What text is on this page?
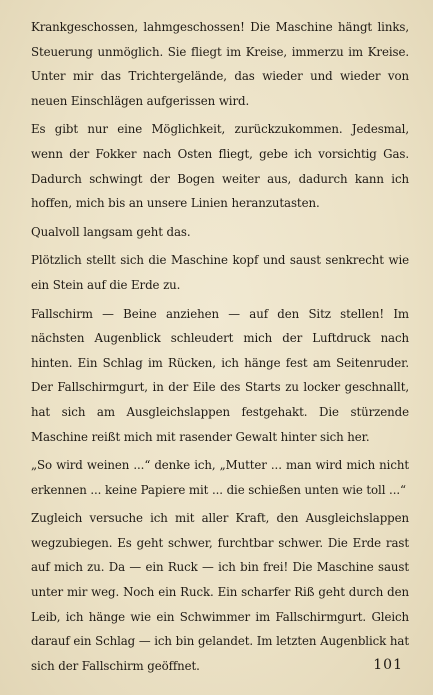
Krankgeschossen, lahmgeschossen! Die Maschine hängt links, Steuerung unmöglich. Sie fliegt im Kreise, immerzu im Kreise. Unter mir das Trichtergelände, das wieder und wieder von neuen Einschlägen aufgerissen wird.

Es gibt nur eine Möglichkeit, zurückzukommen. Jedesmal, wenn der Fokker nach Osten fliegt, gebe ich vorsichtig Gas. Dadurch schwingt der Bogen weiter aus, dadurch kann ich hoffen, mich bis an unsere Linien heranzutasten.

Qualvoll langsam geht das.

Plötzlich stellt sich die Maschine kopf und saust senkrecht wie ein Stein auf die Erde zu.

Fallschirm — Beine anziehen — auf den Sitz stellen! Im nächsten Augenblick schleudert mich der Luftdruck nach hinten. Ein Schlag im Rücken, ich hänge fest am Seitenruder. Der Fallschirmgurt, in der Eile des Starts zu locker geschnallt, hat sich am Ausgleichslappen festgehakt. Die stürzende Maschine reißt mich mit rasender Gewalt hinter sich her.

„So wird weinen ...“ denke ich, „Mutter ... man wird mich nicht erkennen ... keine Papiere mit ... die schießen unten wie toll ...“

Zugleich versuche ich mit aller Kraft, den Ausgleichslappen wegzubiegen. Es geht schwer, furchtbar schwer. Die Erde rast auf mich zu. Da — ein Ruck — ich bin frei! Die Maschine saust unter mir weg. Noch ein Ruck. Ein scharfer Riß geht durch den Leib, ich hänge wie ein Schwimmer im Fallschirmgurt. Gleich darauf ein Schlag — ich bin gelandet. Im letzten Augenblick hat sich der Fallschirm geöffnet.	101
